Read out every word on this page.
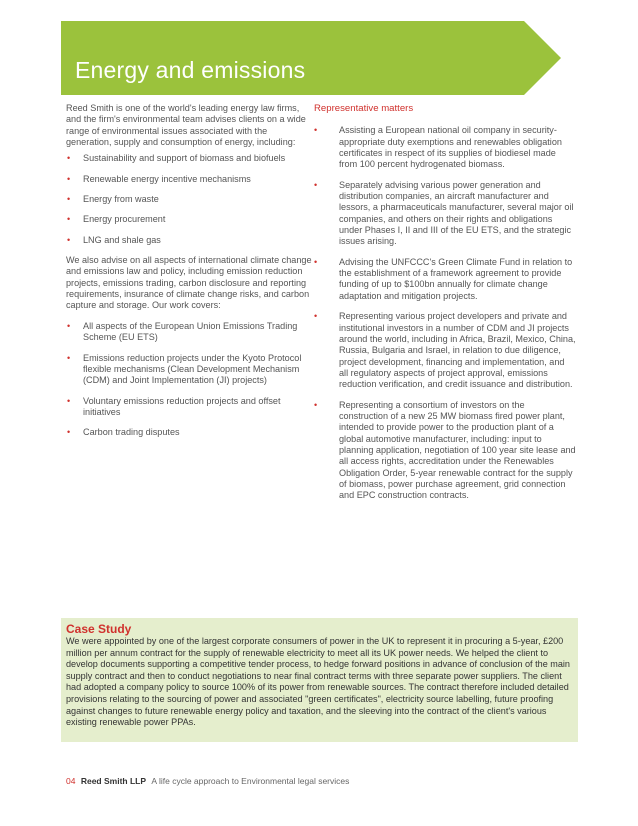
Energy and emissions

Reed Smith is one of the world's leading energy law firms, and the firm's environmental team advises clients on a wide range of environmental issues associated with the generation, supply and consumption of energy, including:

• Sustainability and support of biomass and biofuels
• Renewable energy incentive mechanisms
• Energy from waste
• Energy procurement
• LNG and shale gas

We also advise on all aspects of international climate change and emissions law and policy, including emission reduction projects, emissions trading, carbon disclosure and reporting requirements, insurance of climate change risks, and carbon capture and storage. Our work covers:

• All aspects of the European Union Emissions Trading Scheme (EU ETS)
• Emissions reduction projects under the Kyoto Protocol flexible mechanisms (Clean Development Mechanism (CDM) and Joint Implementation (JI) projects)
• Voluntary emissions reduction projects and offset initiatives
• Carbon trading disputes
Representative matters
• Assisting a European national oil company in security-appropriate duty exemptions and renewables obligation certificates in respect of its supplies of biodiesel made from 100 percent hydrogenated biomass.
• Separately advising various power generation and distribution companies, an aircraft manufacturer and lessors, a pharmaceuticals manufacturer, several major oil companies, and others on their rights and obligations under Phases I, II and III of the EU ETS, and the strategic issues arising.
• Advising the UNFCCC's Green Climate Fund in relation to the establishment of a framework agreement to provide funding of up to $100bn annually for climate change adaptation and mitigation projects.
• Representing various project developers and private and institutional investors in a number of CDM and JI projects around the world, including in Africa, Brazil, Mexico, China, Russia, Bulgaria and Israel, in relation to due diligence, project development, financing and implementation, and all regulatory aspects of project approval, emissions reduction verification, and credit issuance and distribution.
• Representing a consortium of investors on the construction of a new 25 MW biomass fired power plant, intended to provide power to the production plant of a global automotive manufacturer, including: input to planning application, negotiation of 100 year site lease and all access rights, accreditation under the Renewables Obligation Order, 5-year renewable contract for the supply of biomass, power purchase agreement, grid connection and EPC construction contracts.
Case Study
We were appointed by one of the largest corporate consumers of power in the UK to represent it in procuring a 5-year, £200 million per annum contract for the supply of renewable electricity to meet all its UK power needs. We helped the client to develop documents supporting a competitive tender process, to hedge forward positions in advance of conclusion of the main supply contract and then to conduct negotiations to near final contract terms with three separate power suppliers. The client had adopted a company policy to source 100% of its power from renewable sources. The contract therefore included detailed provisions relating to the sourcing of power and associated "green certificates", electricity source labelling, future proofing against changes to future renewable energy policy and taxation, and the sleeving into the contract of the client's various existing renewable power PPAs.
04 Reed Smith LLP A life cycle approach to Environmental legal services
